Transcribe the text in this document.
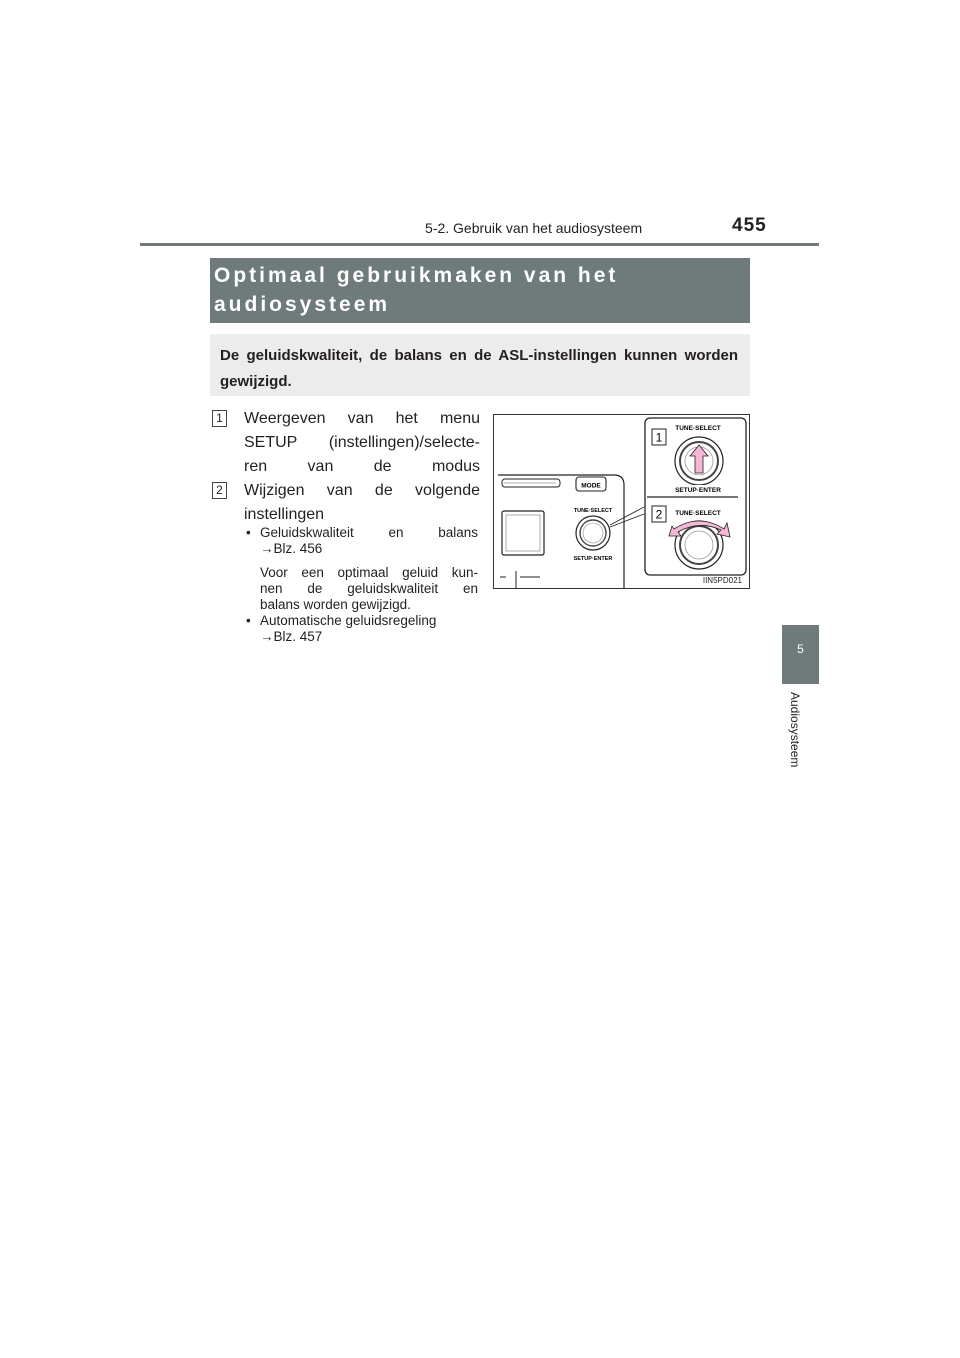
5-2. Gebruik van het audiosysteem	455
5
Audiosysteem
Optimaal gebruikmaken van het audiosysteem
De geluidskwaliteit, de balans en de ASL-instellingen kunnen worden gewijzigd.
1 Weergeven van het menu
SETUP (instellingen)/selecte-
ren van de modus
2 Wijzigen van de volgende
instellingen
• Geluidskwaliteit en balans
→Blz. 456
Voor een optimaal geluid kun-
nen de geluidskwaliteit en
balans worden gewijzigd.
• Automatische geluidsregeling
→Blz. 457
MODE
TUNE·SELECT
SETUP·ENTER
TUNE·SELECT
SETUP·ENTER
TUNE·SELECT
1
2
IIN5PD021
